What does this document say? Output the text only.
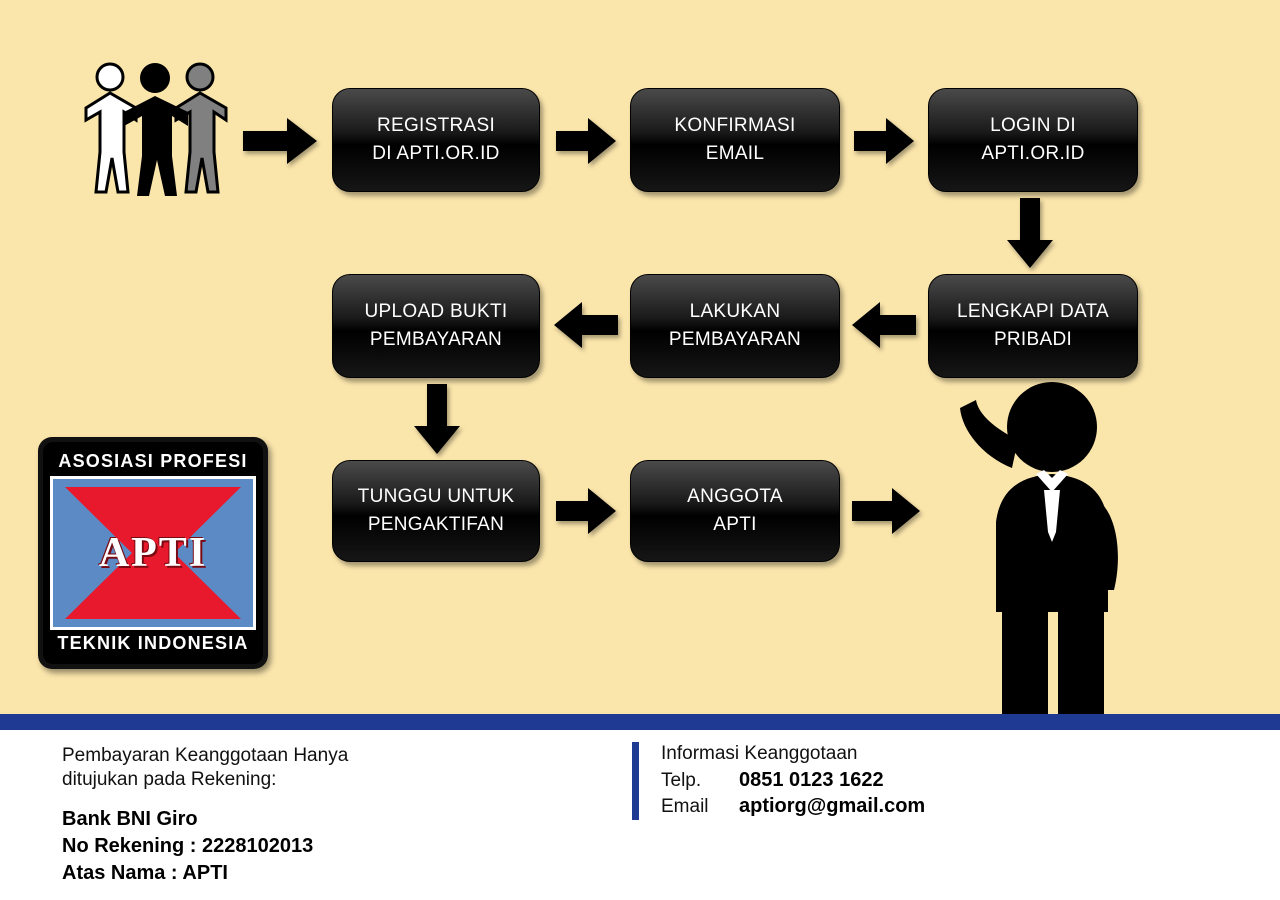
REGISTRASI
DI APTI.OR.ID
KONFIRMASI
EMAIL
LOGIN DI
APTI.OR.ID
LENGKAPI DATA
PRIBADI
LAKUKAN
PEMBAYARAN
UPLOAD BUKTI
PEMBAYARAN
TUNGGU UNTUK
PENGAKTIFAN
ANGGOTA
APTI
ASOSIASI PROFESI
APTI
TEKNIK INDONESIA
Pembayaran Keanggotaan Hanya
ditujukan pada Rekening:
Bank BNI Giro
No Rekening : 2228102013
Atas Nama : APTI
Informasi Keanggotaan
Telp.	0851 0123 1622
Email	aptiorg@gmail.com
